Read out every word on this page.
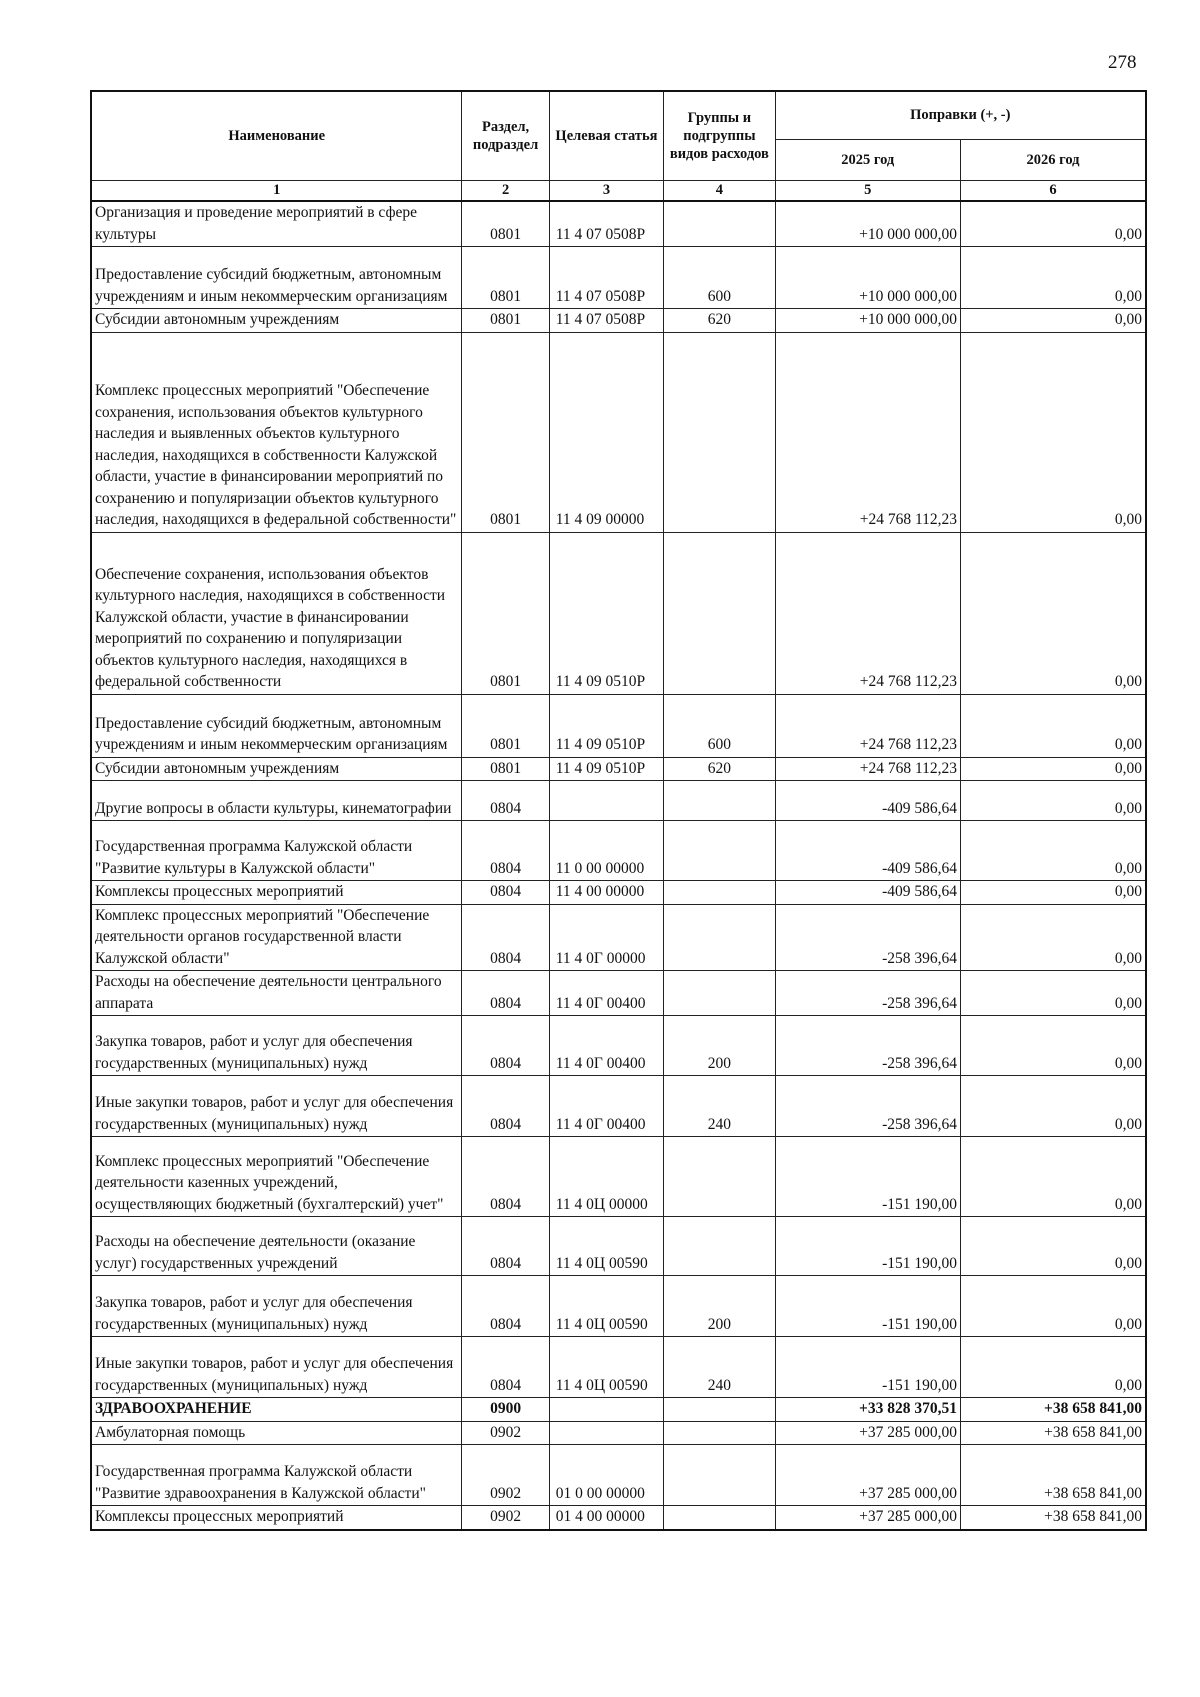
278
Наименование	Раздел, подраздел	Целевая статья	Группы и подгруппы видов расходов	Поправки (+, -)	
				2025 год	2026 год
1	2	3	4	5	6
Организация и проведение мероприятий в сфере культуры	0801	11 4 07 0508Р		+10 000 000,00	0,00
Предоставление субсидий бюджетным, автономным учреждениям и иным некоммерческим организациям	0801	11 4 07 0508Р	600	+10 000 000,00	0,00
Субсидии автономным учреждениям	0801	11 4 07 0508Р	620	+10 000 000,00	0,00
Комплекс процессных мероприятий "Обеспечение сохранения, использования объектов культурного наследия и выявленных объектов культурного наследия, находящихся в собственности Калужской области, участие в финансировании мероприятий по сохранению и популяризации объектов культурного наследия, находящихся в федеральной собственности"	0801	11 4 09 00000		+24 768 112,23	0,00
Обеспечение сохранения, использования объектов культурного наследия, находящихся в собственности Калужской области, участие в финансировании мероприятий по сохранению и популяризации объектов культурного наследия, находящихся в федеральной собственности	0801	11 4 09 0510Р		+24 768 112,23	0,00
Предоставление субсидий бюджетным, автономным учреждениям и иным некоммерческим организациям	0801	11 4 09 0510Р	600	+24 768 112,23	0,00
Субсидии автономным учреждениям	0801	11 4 09 0510Р	620	+24 768 112,23	0,00
Другие вопросы в области культуры, кинематографии	0804			-409 586,64	0,00
Государственная программа Калужской области "Развитие культуры в Калужской области"	0804	11 0 00 00000		-409 586,64	0,00
Комплексы процессных мероприятий	0804	11 4 00 00000		-409 586,64	0,00
Комплекс процессных мероприятий "Обеспечение деятельности органов государственной власти Калужской области"	0804	11 4 0Г 00000		-258 396,64	0,00
Расходы на обеспечение деятельности центрального аппарата	0804	11 4 0Г 00400		-258 396,64	0,00
Закупка товаров, работ и услуг для обеспечения государственных (муниципальных) нужд	0804	11 4 0Г 00400	200	-258 396,64	0,00
Иные закупки товаров, работ и услуг для обеспечения государственных (муниципальных) нужд	0804	11 4 0Г 00400	240	-258 396,64	0,00
Комплекс процессных мероприятий "Обеспечение деятельности казенных учреждений, осуществляющих бюджетный (бухгалтерский) учет"	0804	11 4 0Ц 00000		-151 190,00	0,00
Расходы на обеспечение деятельности (оказание услуг) государственных учреждений	0804	11 4 0Ц 00590		-151 190,00	0,00
Закупка товаров, работ и услуг для обеспечения государственных (муниципальных) нужд	0804	11 4 0Ц 00590	200	-151 190,00	0,00
Иные закупки товаров, работ и услуг для обеспечения государственных (муниципальных) нужд	0804	11 4 0Ц 00590	240	-151 190,00	0,00
ЗДРАВООХРАНЕНИЕ	0900			+33 828 370,51	+38 658 841,00
Амбулаторная помощь	0902			+37 285 000,00	+38 658 841,00
Государственная программа Калужской области "Развитие здравоохранения в Калужской области"	0902	01 0 00 00000		+37 285 000,00	+38 658 841,00
Комплексы процессных мероприятий	0902	01 4 00 00000		+37 285 000,00	+38 658 841,00
